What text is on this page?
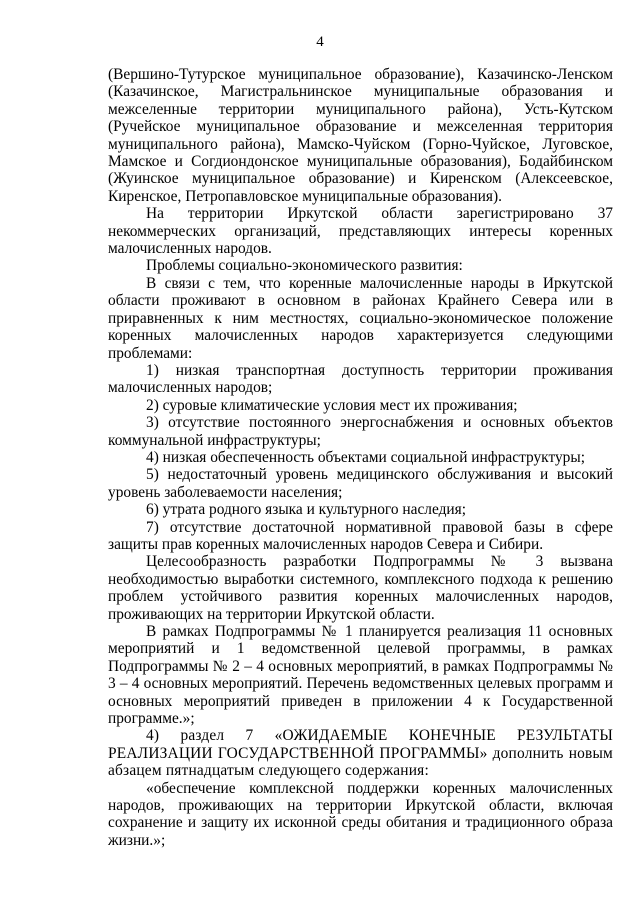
4

(Вершино-Тутурское муниципальное образование), Казачинско-Ленском (Казачинское, Магистральнинское муниципальные образования и межселенные территории муниципального района), Усть-Кутском (Ручейское муниципальное образование и межселенная территория муниципального района), Мамско-Чуйском (Горно-Чуйское, Луговское, Мамское и Согдиондонское муниципальные образования), Бодайбинском (Жуинское муниципальное образование) и Киренском (Алексеевское, Киренское, Петропавловское муниципальные образования).

На территории Иркутской области зарегистрировано 37 некоммерческих организаций, представляющих интересы коренных малочисленных народов.

Проблемы социально-экономического развития:

В связи с тем, что коренные малочисленные народы в Иркутской области проживают в основном в районах Крайнего Севера или в приравненных к ним местностях, социально-экономическое положение коренных малочисленных народов характеризуется следующими проблемами:

1) низкая транспортная доступность территории проживания малочисленных народов;

2) суровые климатические условия мест их проживания;

3) отсутствие постоянного энергоснабжения и основных объектов коммунальной инфраструктуры;

4) низкая обеспеченность объектами социальной инфраструктуры;

5) недостаточный уровень медицинского обслуживания и высокий уровень заболеваемости населения;

6) утрата родного языка и культурного наследия;

7) отсутствие достаточной нормативной правовой базы в сфере защиты прав коренных малочисленных народов Севера и Сибири.

Целесообразность разработки Подпрограммы № 3 вызвана необходимостью выработки системного, комплексного подхода к решению проблем устойчивого развития коренных малочисленных народов, проживающих на территории Иркутской области.

В рамках Подпрограммы № 1 планируется реализация 11 основных мероприятий и 1 ведомственной целевой программы, в рамках Подпрограммы № 2 – 4 основных мероприятий, в рамках Подпрограммы № 3 – 4 основных мероприятий. Перечень ведомственных целевых программ и основных мероприятий приведен в приложении 4 к Государственной программе.»;

4) раздел 7 «ОЖИДАЕМЫЕ КОНЕЧНЫЕ РЕЗУЛЬТАТЫ РЕАЛИЗАЦИИ ГОСУДАРСТВЕННОЙ ПРОГРАММЫ» дополнить новым абзацем пятнадцатым следующего содержания:

«обеспечение комплексной поддержки коренных малочисленных народов, проживающих на территории Иркутской области, включая сохранение и защиту их исконной среды обитания и традиционного образа жизни.»;
